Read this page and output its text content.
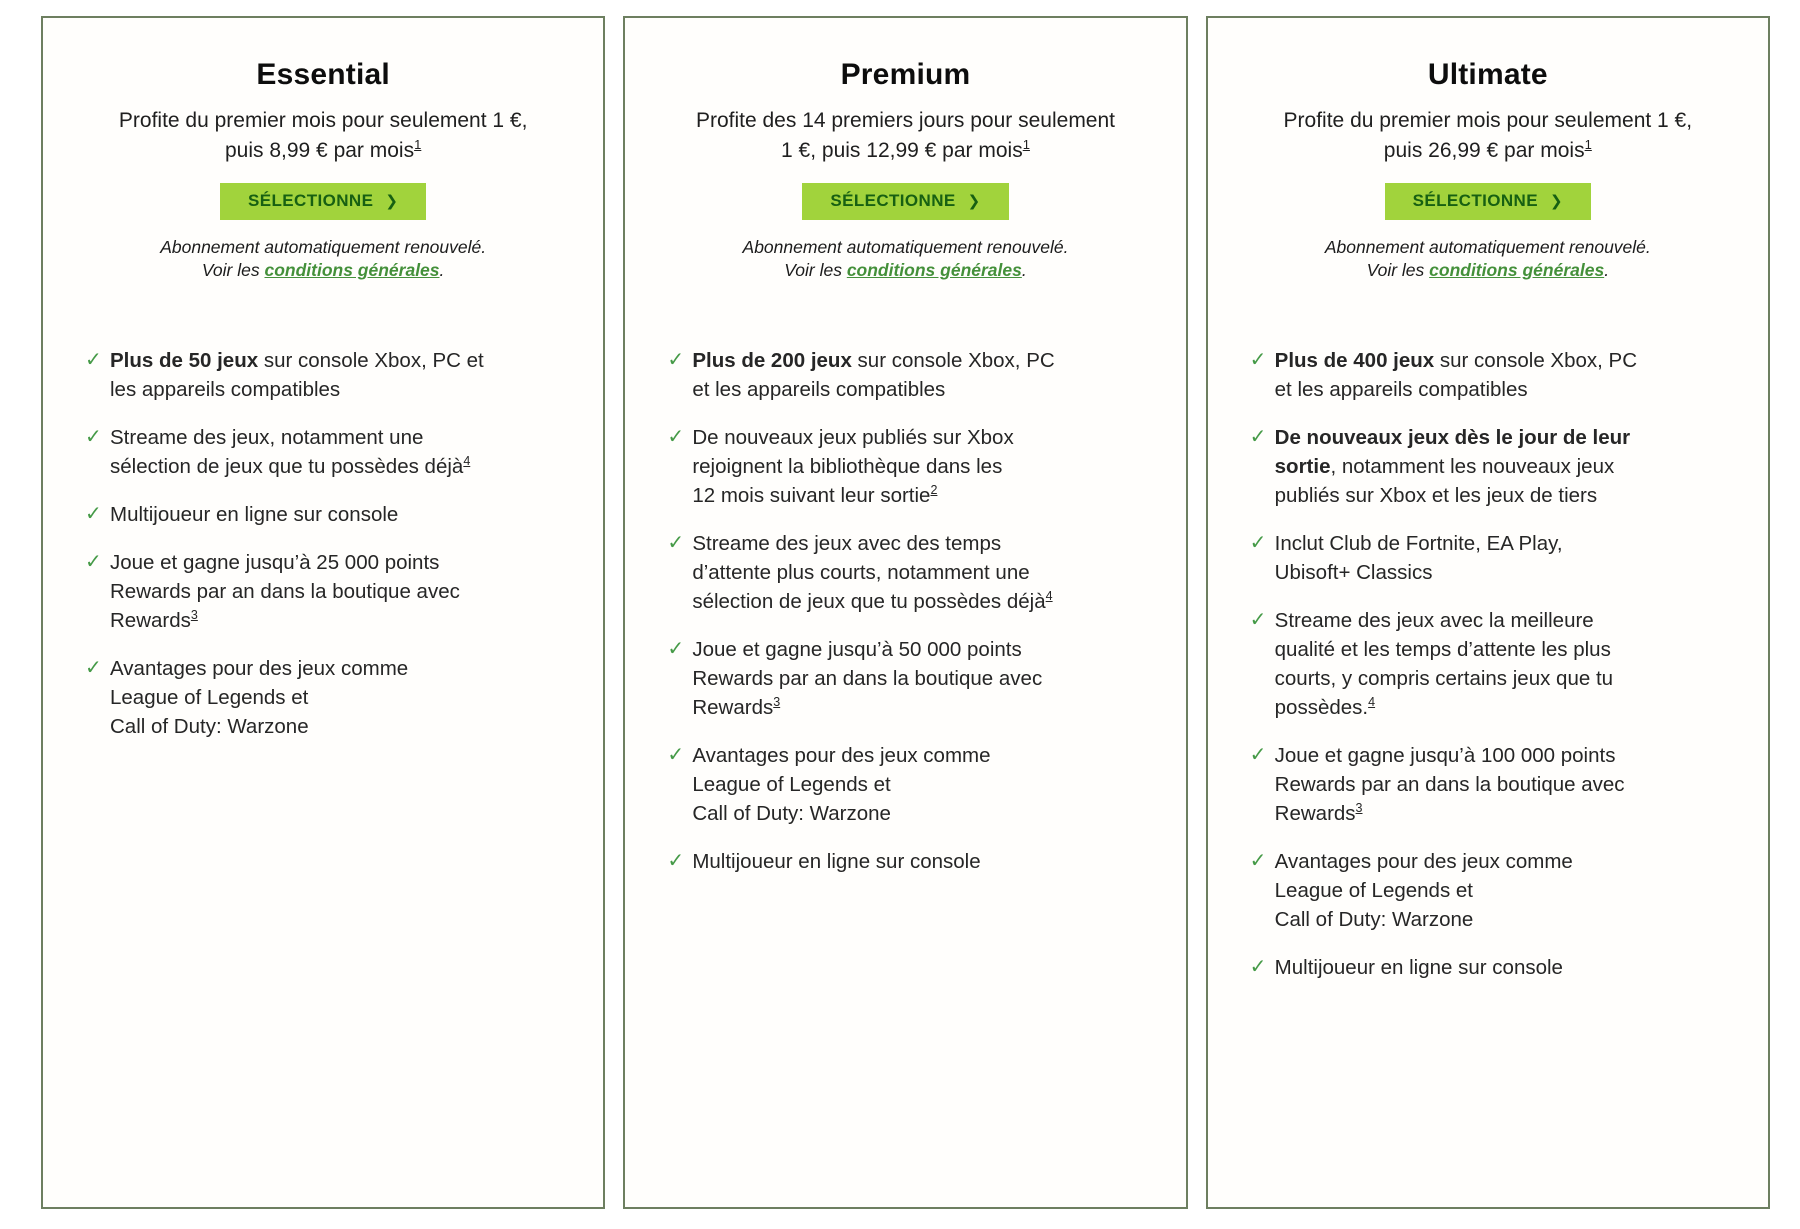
Essential

Profite du premier mois pour seulement 1 €,
puis 8,99 € par mois$^1$

SÉLECTIONNE ❯

Abonnement automatiquement renouvelé.
Voir les conditions générales.

✓ Plus de 50 jeux sur console Xbox, PC et
les appareils compatibles
✓ Streame des jeux, notamment une
sélection de jeux que tu possèdes déjà$^4$
✓ Multijoueur en ligne sur console
✓ Joue et gagne jusqu’à 25 000 points
Rewards par an dans la boutique avec
Rewards$^3$
✓ Avantages pour des jeux comme
League of Legends et
Call of Duty: Warzone
Premium

Profite des 14 premiers jours pour seulement
1 €, puis 12,99 € par mois$^1$

SÉLECTIONNE ❯

Abonnement automatiquement renouvelé.
Voir les conditions générales.

✓ Plus de 200 jeux sur console Xbox, PC
et les appareils compatibles
✓ De nouveaux jeux publiés sur Xbox
rejoignent la bibliothèque dans les
12 mois suivant leur sortie$^2$
✓ Streame des jeux avec des temps
d’attente plus courts, notamment une
sélection de jeux que tu possèdes déjà$^4$
✓ Joue et gagne jusqu’à 50 000 points
Rewards par an dans la boutique avec
Rewards$^3$
✓ Avantages pour des jeux comme
League of Legends et
Call of Duty: Warzone
✓ Multijoueur en ligne sur console
Ultimate

Profite du premier mois pour seulement 1 €,
puis 26,99 € par mois$^1$

SÉLECTIONNE ❯

Abonnement automatiquement renouvelé.
Voir les conditions générales.

✓ Plus de 400 jeux sur console Xbox, PC
et les appareils compatibles
✓ De nouveaux jeux dès le jour de leur
sortie, notamment les nouveaux jeux
publiés sur Xbox et les jeux de tiers
✓ Inclut Club de Fortnite, EA Play,
Ubisoft+ Classics
✓ Streame des jeux avec la meilleure
qualité et les temps d’attente les plus
courts, y compris certains jeux que tu
possèdes.$^4$
✓ Joue et gagne jusqu’à 100 000 points
Rewards par an dans la boutique avec
Rewards$^3$
✓ Avantages pour des jeux comme
League of Legends et
Call of Duty: Warzone
✓ Multijoueur en ligne sur console
